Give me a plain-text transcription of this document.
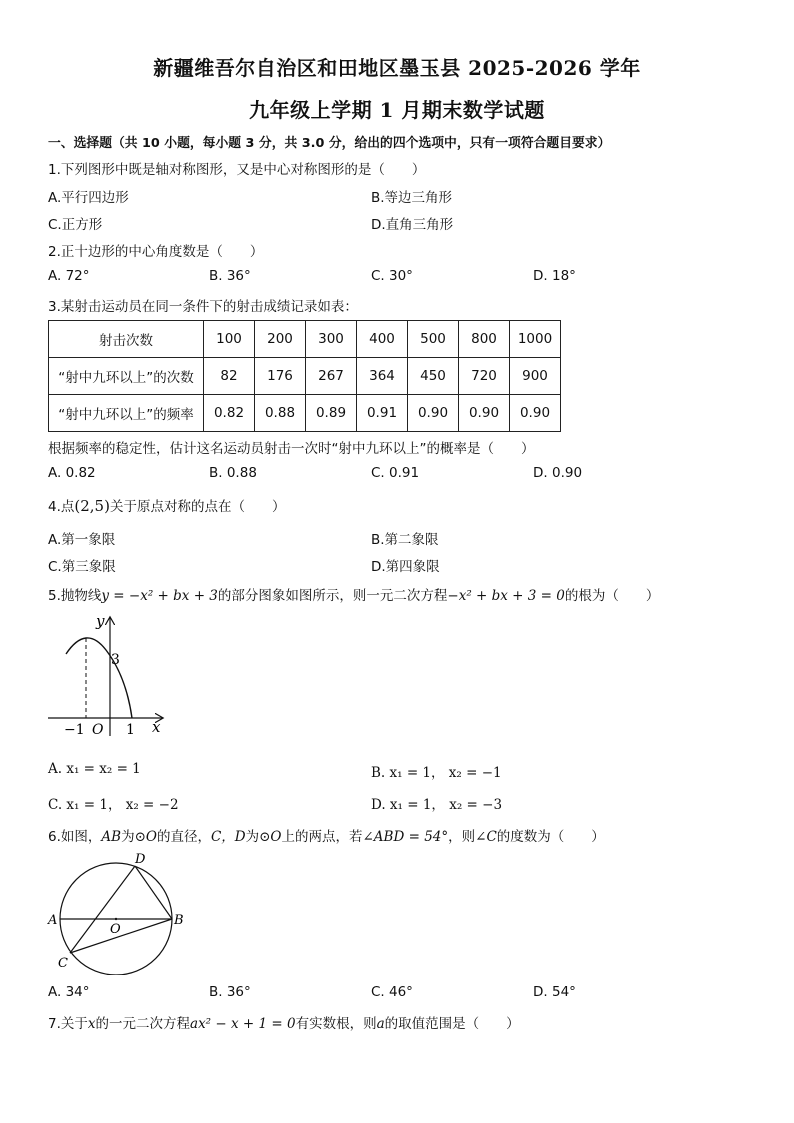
新疆维吾尔自治区和田地区墨玉县 2025-2026 学年
九年级上学期 1 月期末数学试题
一、选择题（共 10 小题，每小题 3 分，共 3.0 分，给出的四个选项中，只有一项符合题目要求）
1.下列图形中既是轴对称图形，又是中心对称图形的是（　　）
A.平行四边形	B.等边三角形
C.正方形	D.直角三角形
2.正十边形的中心角度数是（　　）
A. 72°	B. 36°	C. 30°	D. 18°
3.某射击运动员在同一条件下的射击成绩记录如表：
射击次数	100	200	300	400	500	800	1000
“射中九环以上”的次数	82	176	267	364	450	720	900
“射中九环以上”的频率	0.82	0.88	0.89	0.91	0.90	0.90	0.90
根据频率的稳定性，估计这名运动员射击一次时“射中九环以上”的概率是（　　）
A. 0.82	B. 0.88	C. 0.91	D. 0.90
4.点(2,5)关于原点对称的点在（　　）
A.第一象限	B.第二象限
C.第三象限	D.第四象限
5.抛物线y = −x² + bx + 3的部分图象如图所示，则一元二次方程−x² + bx + 3 = 0的根为（　　）
y
x
3
−1 O 1
A. x₁ = x₂ = 1	B. x₁ = 1， x₂ = −1
C. x₁ = 1， x₂ = −2	D. x₁ = 1， x₂ = −3
6.如图，AB为⊙O的直径，C，D为⊙O上的两点，若∠ABD = 54°，则∠C的度数为（　　）
A	B
C
D
O
A. 34°	B. 36°	C. 46°	D. 54°
7.关于x的一元二次方程ax² − x + 1 = 0有实数根，则a的取值范围是（　　）
